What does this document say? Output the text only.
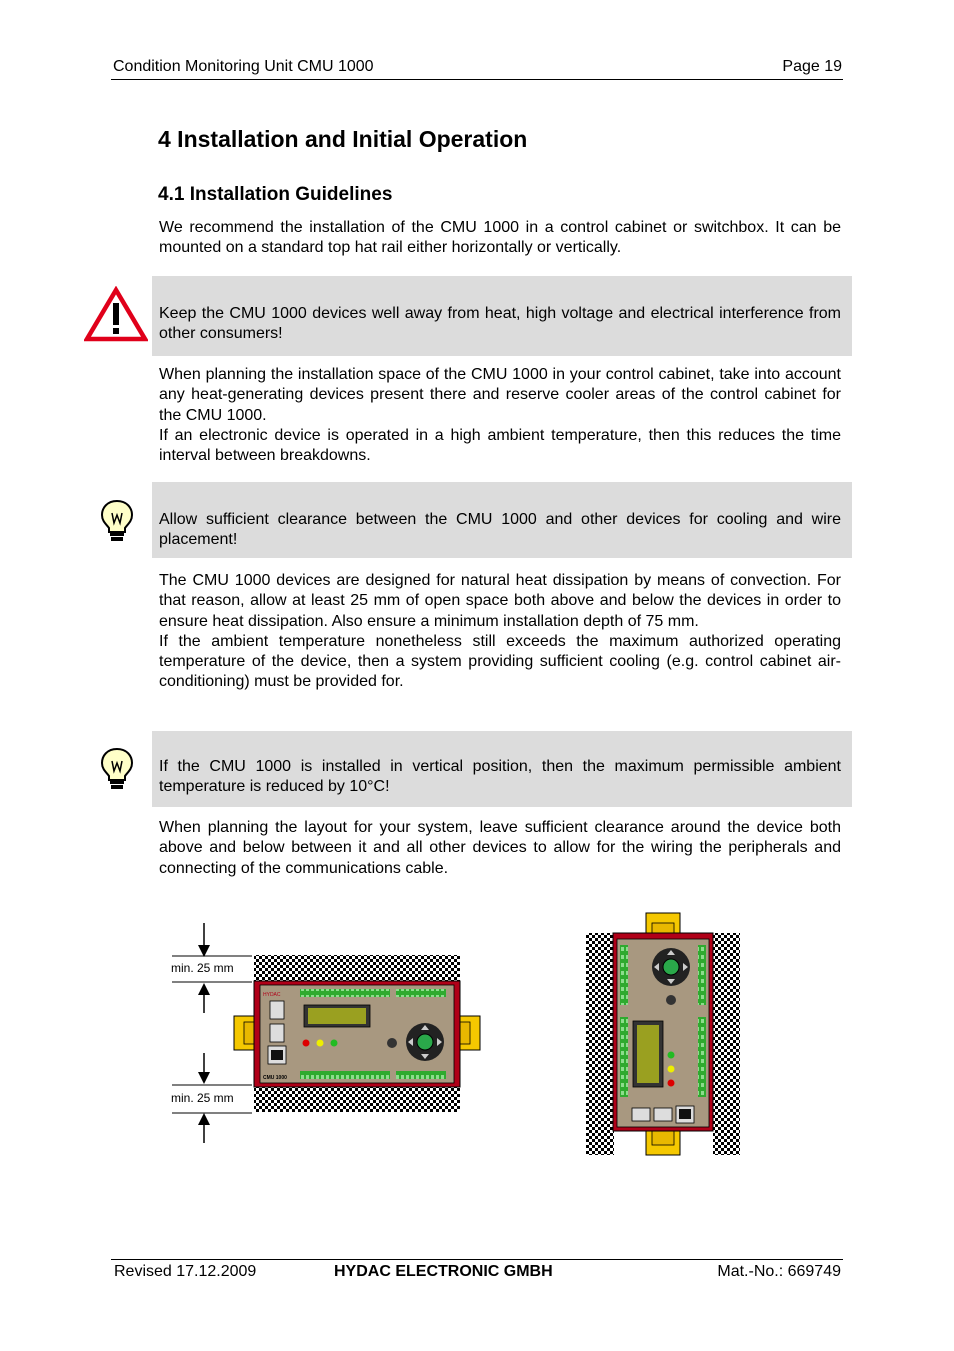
Condition Monitoring Unit CMU 1000	Page 19
4 Installation and Initial Operation
4.1 Installation Guidelines
We recommend the installation of the CMU 1000 in a control cabinet or switchbox. It can be mounted on a standard top hat rail either horizontally or vertically.
Keep the CMU 1000 devices well away from heat, high voltage and electrical interference from other consumers!
When planning the installation space of the CMU 1000 in your control cabinet, take into account any heat-generating devices present there and reserve cooler areas of the control cabinet for the CMU 1000.
If an electronic device is operated in a high ambient temperature, then this reduces the time interval between breakdowns.
Allow sufficient clearance between the CMU 1000 and other devices for cooling and wire placement!
The CMU 1000 devices are designed for natural heat dissipation by means of convection. For that reason, allow at least 25 mm of open space both above and below the devices in order to ensure heat dissipation. Also ensure a minimum installation depth of 75 mm.
If the ambient temperature nonetheless still exceeds the maximum authorized operating temperature of the device, then a system providing sufficient cooling (e.g. control cabinet air-conditioning) must be provided for.
If the CMU 1000 is installed in vertical position, then the maximum permissible ambient temperature is reduced by 10°C!
When planning the layout for your system, leave sufficient clearance around the device both above and below between it and all other devices to allow for the wiring the peripherals and connecting of the communications cable.
min. 25 mm
min. 25 mm
HYDAC
CMU 1000
Revised 17.12.2009	HYDAC ELECTRONIC GMBH	Mat.-No.: 669749
